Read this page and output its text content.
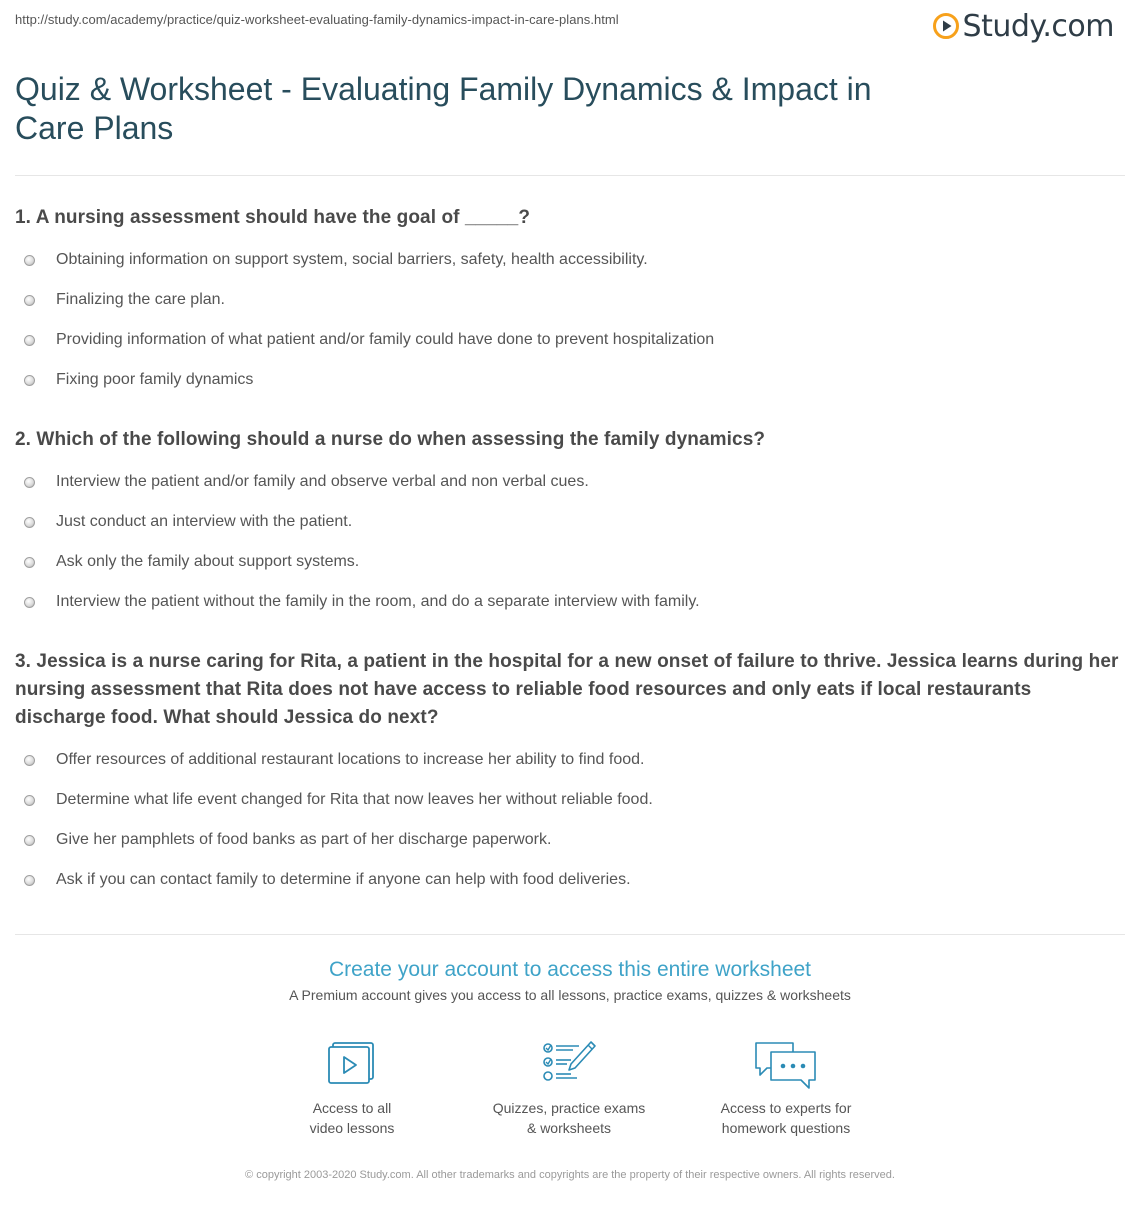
http://study.com/academy/practice/quiz-worksheet-evaluating-family-dynamics-impact-in-care-plans.html	Study.com
Quiz & Worksheet - Evaluating Family Dynamics & Impact in Care Plans
1. A nursing assessment should have the goal of _____?
Obtaining information on support system, social barriers, safety, health accessibility.
Finalizing the care plan.
Providing information of what patient and/or family could have done to prevent hospitalization
Fixing poor family dynamics
2. Which of the following should a nurse do when assessing the family dynamics?
Interview the patient and/or family and observe verbal and non verbal cues.
Just conduct an interview with the patient.
Ask only the family about support systems.
Interview the patient without the family in the room, and do a separate interview with family.
3. Jessica is a nurse caring for Rita, a patient in the hospital for a new onset of failure to thrive. Jessica learns during her nursing assessment that Rita does not have access to reliable food resources and only eats if local restaurants discharge food. What should Jessica do next?
Offer resources of additional restaurant locations to increase her ability to find food.
Determine what life event changed for Rita that now leaves her without reliable food.
Give her pamphlets of food banks as part of her discharge paperwork.
Ask if you can contact family to determine if anyone can help with food deliveries.
Create your account to access this entire worksheet
A Premium account gives you access to all lessons, practice exams, quizzes & worksheets
Access to all
video lessons
Quizzes, practice exams
& worksheets
Access to experts for
homework questions

© copyright 2003-2020 Study.com. All other trademarks and copyrights are the property of their respective owners. All rights reserved.
